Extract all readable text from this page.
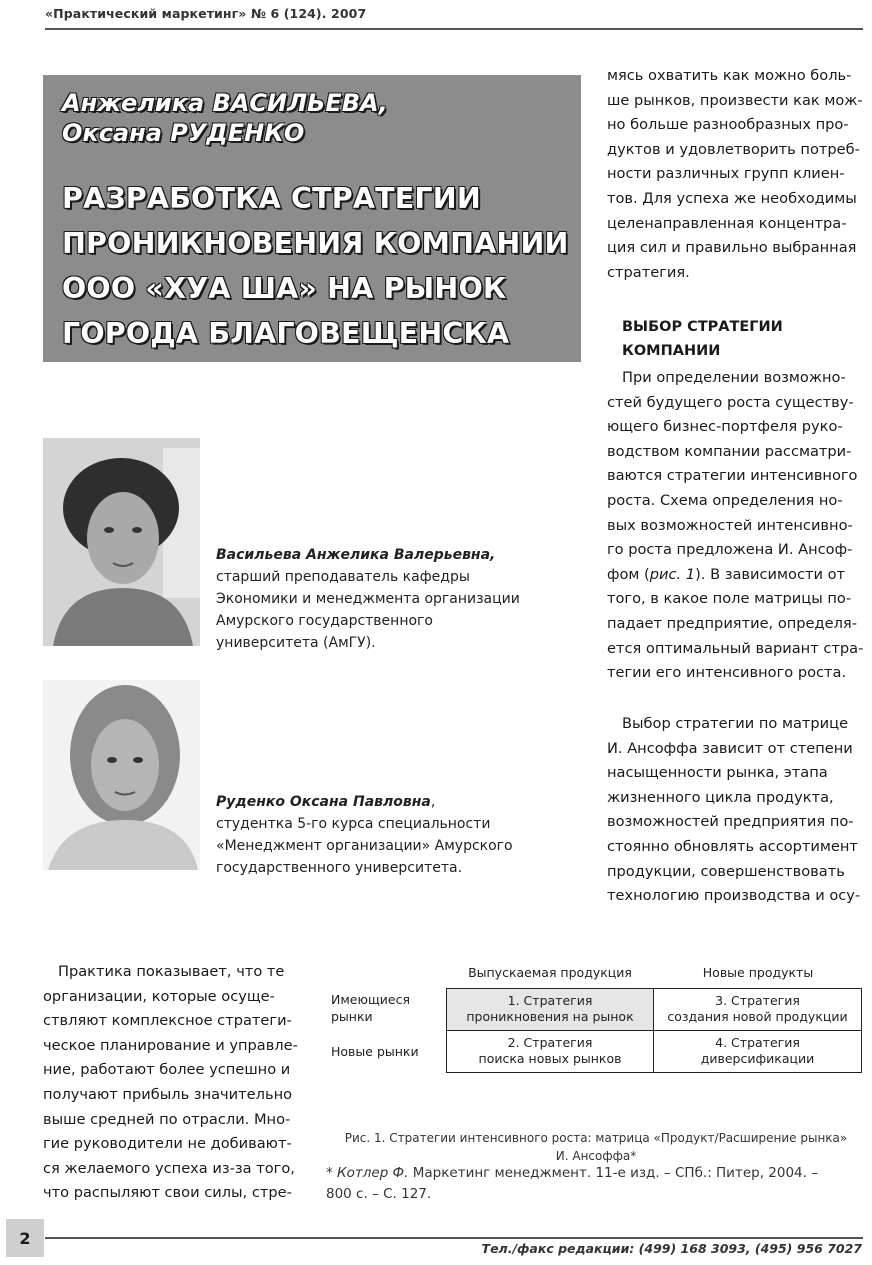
«Практический маркетинг» № 6 (124). 2007
Анжелика ВАСИЛЬЕВА,
Оксана РУДЕНКО
РАЗРАБОТКА СТРАТЕГИИ
ПРОНИКНОВЕНИЯ КОМПАНИИ
ООО «ХУА ША» НА РЫНОК
ГОРОДА БЛАГОВЕЩЕНСКА
Васильева Анжелика Валерьевна,
старший преподаватель кафедры
Экономики и менеджмента организации
Амурского государственного
университета (АмГУ).
Руденко Оксана Павловна,
студентка 5-го курса специальности
«Менеджмент организации» Амурского
государственного университета.
мясь охватить как можно боль-
ше рынков, произвести как мож-
но больше разнообразных про-
дуктов и удовлетворить потреб-
ности различных групп клиен-
тов. Для успеха же необходимы
целенаправленная концентра-
ция сил и правильно выбранная
стратегия.
ВЫБОР СТРАТЕГИИ
КОМПАНИИ
При определении возможно-
стей будущего роста существу-
ющего бизнес-портфеля руко-
водством компании рассматри-
ваются стратегии интенсивного
роста. Схема определения но-
вых возможностей интенсивно-
го роста предложена И. Ансоф-
фом (рис. 1). В зависимости от
того, в какое поле матрицы по-
падает предприятие, определя-
ется оптимальный вариант стра-
тегии его интенсивного роста.
Выбор стратегии по матрице
И. Ансоффа зависит от степени
насыщенности рынка, этапа
жизненного цикла продукта,
возможностей предприятия по-
стоянно обновлять ассортимент
продукции, совершенствовать
технологию производства и осу-
Практика показывает, что те
организации, которые осуще-
ствляют комплексное стратеги-
ческое планирование и управле-
ние, работают более успешно и
получают прибыль значительно
выше средней по отрасли. Мно-
гие руководители не добивают-
ся желаемого успеха из-за того,
что распыляют свои силы, стре-
Выпускаемая продукция	Новые продукты
Имеющиеся
рынки
Новые рынки
1. Стратегия
проникновения на рынок
3. Стратегия
создания новой продукции
2. Стратегия
поиска новых рынков
4. Стратегия
диверсификации
Рис. 1. Стратегии интенсивного роста: матрица «Продукт/Расширение рынка»
И. Ансоффа*
* Котлер Ф. Маркетинг менеджмент. 11-е изд. – СПб.: Питер, 2004. –
800 с. – С. 127.
2
Тел./факс редакции: (499) 168 3093, (495) 956 7027
